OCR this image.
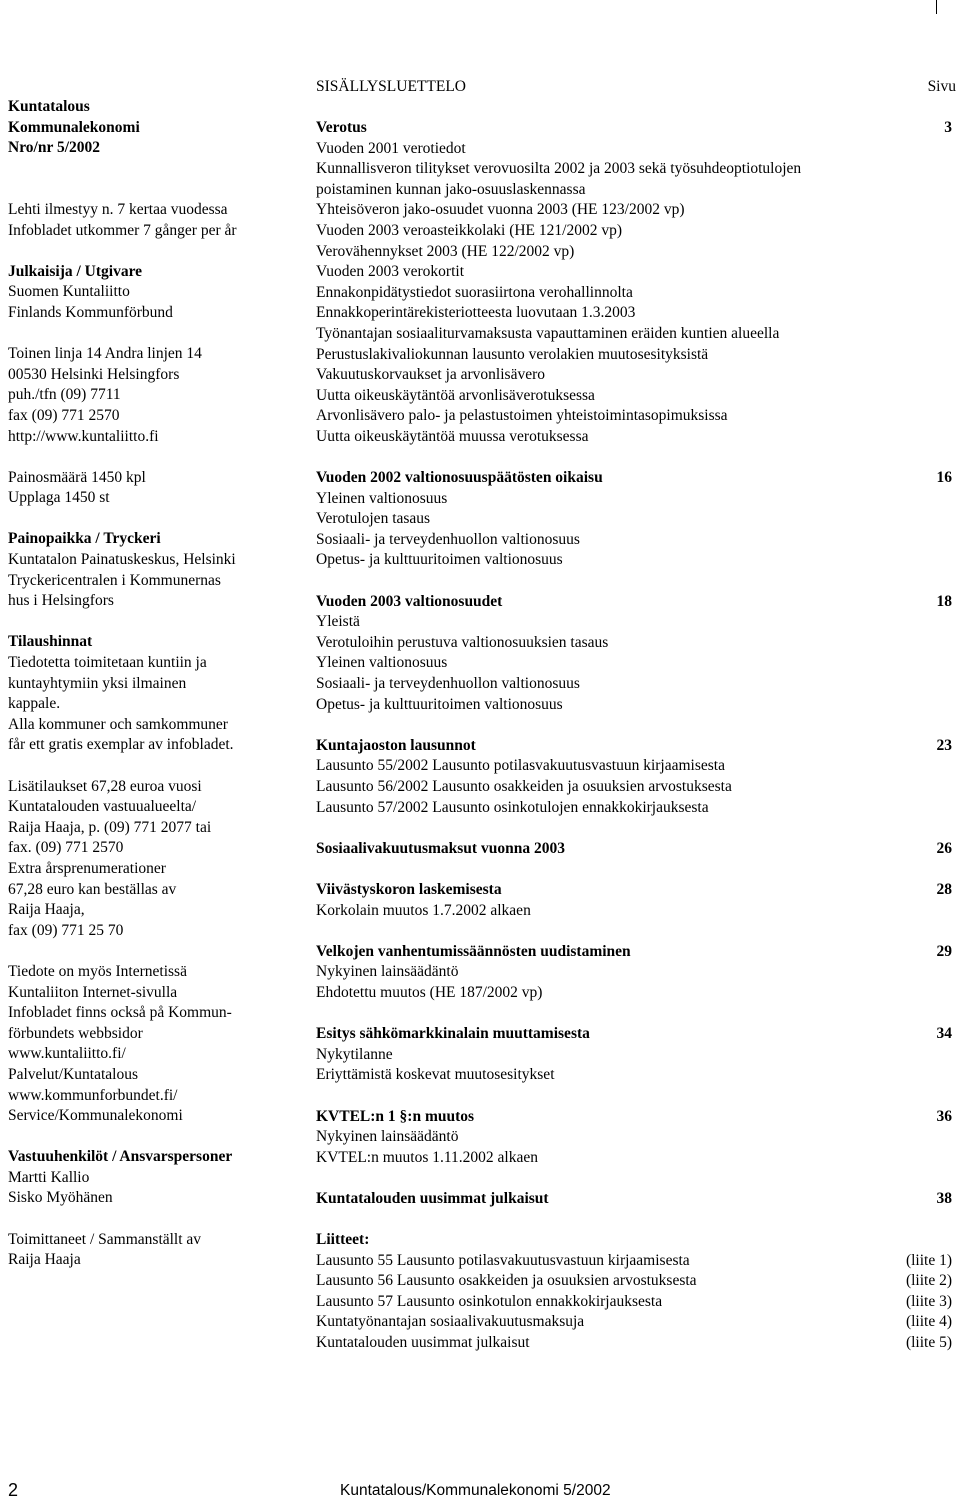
SISÄLLYSLUETTELO	Sivu
Kuntatalous
Kommunalekonomi
Nro/nr 5/2002
Lehti ilmestyy n. 7 kertaa vuodessa
Infobladet utkommer 7 gånger per år
Julkaisija / Utgivare
Suomen Kuntaliitto
Finlands Kommunförbund
Toinen linja 14 Andra linjen 14
00530 Helsinki Helsingfors
puh./tfn (09) 7711
fax (09) 771 2570
http://www.kuntaliitto.fi
Painosmäärä 1450 kpl
Upplaga 1450 st
Painopaikka / Tryckeri
Kuntatalon Painatuskeskus, Helsinki
Tryckericentralen i Kommunernas
hus i Helsingfors
Tilaushinnat
Tiedotetta toimitetaan kuntiin ja
kuntayhtymiin yksi ilmainen
kappale.
Alla kommuner och samkommuner
får ett gratis exemplar av infobladet.
Lisätilaukset 67,28 euroa vuosi
Kuntatalouden vastuualueelta/
Raija Haaja, p. (09) 771 2077 tai
fax. (09) 771 2570
Extra årsprenumerationer
67,28 euro kan beställas av
Raija Haaja,
fax (09) 771 25 70
Tiedote on myös Internetissä
Kuntaliiton Internet-sivulla
Infobladet finns också på Kommun-
förbundets webbsidor
www.kuntaliitto.fi/
Palvelut/Kuntatalous
www.kommunforbundet.fi/
Service/Kommunalekonomi
Vastuuhenkilöt / Ansvarspersoner
Martti Kallio
Sisko Myöhänen
Toimittaneet / Sammanställt av
Raija Haaja
Verotus	3
Vuoden 2001 verotiedot
Kunnallisveron tilitykset verovuosilta 2002 ja 2003 sekä työsuhdeoptiotulojen
poistaminen kunnan jako-osuuslaskennassa
Yhteisöveron jako-osuudet vuonna 2003 (HE 123/2002 vp)
Vuoden 2003 veroasteikkolaki (HE 121/2002 vp)
Verovähennykset 2003 (HE 122/2002 vp)
Vuoden 2003 verokortit
Ennakonpidätystiedot suorasiirtona verohallinnolta
Ennakkoperintärekisteriotteesta luovutaan 1.3.2003
Työnantajan sosiaaliturvamaksusta vapauttaminen eräiden kuntien alueella
Perustuslakivaliokunnan lausunto verolakien muutosesityksistä
Vakuutuskorvaukset ja arvonlisävero
Uutta oikeuskäytäntöä arvonlisäverotuksessa
Arvonlisävero palo- ja pelastustoimen yhteistoimintasopimuksissa
Uutta oikeuskäytäntöä muussa verotuksessa
Vuoden 2002 valtionosuuspäätösten oikaisu	16
Yleinen valtionosuus
Verotulojen tasaus
Sosiaali- ja terveydenhuollon valtionosuus
Opetus- ja kulttuuritoimen valtionosuus
Vuoden 2003 valtionosuudet	18
Yleistä
Verotuloihin perustuva valtionosuuksien tasaus
Yleinen valtionosuus
Sosiaali- ja terveydenhuollon valtionosuus
Opetus- ja kulttuuritoimen valtionosuus
Kuntajaoston lausunnot	23
Lausunto 55/2002 Lausunto potilasvakuutusvastuun kirjaamisesta
Lausunto 56/2002 Lausunto osakkeiden ja osuuksien arvostuksesta
Lausunto 57/2002 Lausunto osinkotulojen ennakkokirjauksesta
Sosiaalivakuutusmaksut vuonna 2003	26
Viivästyskoron laskemisesta	28
Korkolain muutos 1.7.2002 alkaen
Velkojen vanhentumissäännösten uudistaminen	29
Nykyinen lainsäädäntö
Ehdotettu muutos (HE 187/2002 vp)
Esitys sähkömarkkinalain muuttamisesta	34
Nykytilanne
Eriyttämistä koskevat muutosesitykset
KVTEL:n 1 §:n muutos	36
Nykyinen lainsäädäntö
KVTEL:n muutos 1.11.2002 alkaen
Kuntatalouden uusimmat julkaisut	38
Liitteet:
Lausunto 55 Lausunto potilasvakuutusvastuun kirjaamisesta	(liite 1)
Lausunto 56 Lausunto osakkeiden ja osuuksien arvostuksesta	(liite 2)
Lausunto 57 Lausunto osinkotulon ennakkokirjauksesta	(liite 3)
Kuntatyönantajan sosiaalivakuutusmaksuja	(liite 4)
Kuntatalouden uusimmat julkaisut	(liite 5)
2	Kuntatalous/Kommunalekonomi 5/2002
